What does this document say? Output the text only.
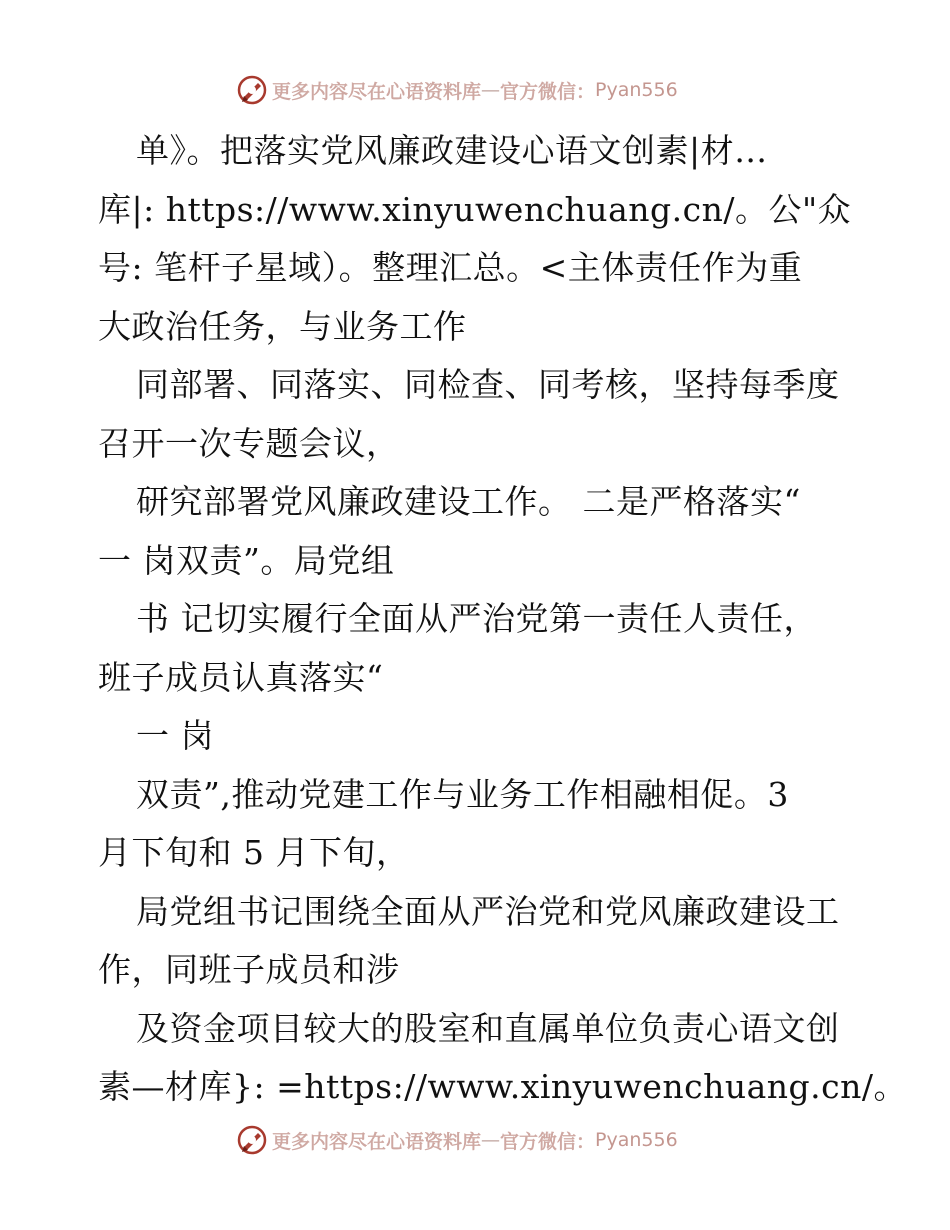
更多内容尽在心语资料库 — 官方微信： Pyan556
单》。把落实党风廉政建设心语文创素|材…
库|: https://www.xinyuwenchuang.cn/。公"众
号: 笔杆子星域）。整理汇总。<主体责任作为重
大政治任务，与业务工作
同部署、同落实、同检查、同考核，坚持每季度
召开一次专题会议，
研究部署党风廉政建设工作。 二是严格落实“
一 岗双责”。局党组
书 记切实履行全面从严治党第一责任人责任，
班子成员认真落实“
一 岗
双责”,推动党建工作与业务工作相融相促。3
月下旬和 5 月下旬，
局党组书记围绕全面从严治党和党风廉政建设工
作，同班子成员和涉
及资金项目较大的股室和直属单位负责心语文创
素—材库}: =https://www.xinyuwenchuang.cn/。
更多内容尽在心语资料库 — 官方微信： Pyan556
